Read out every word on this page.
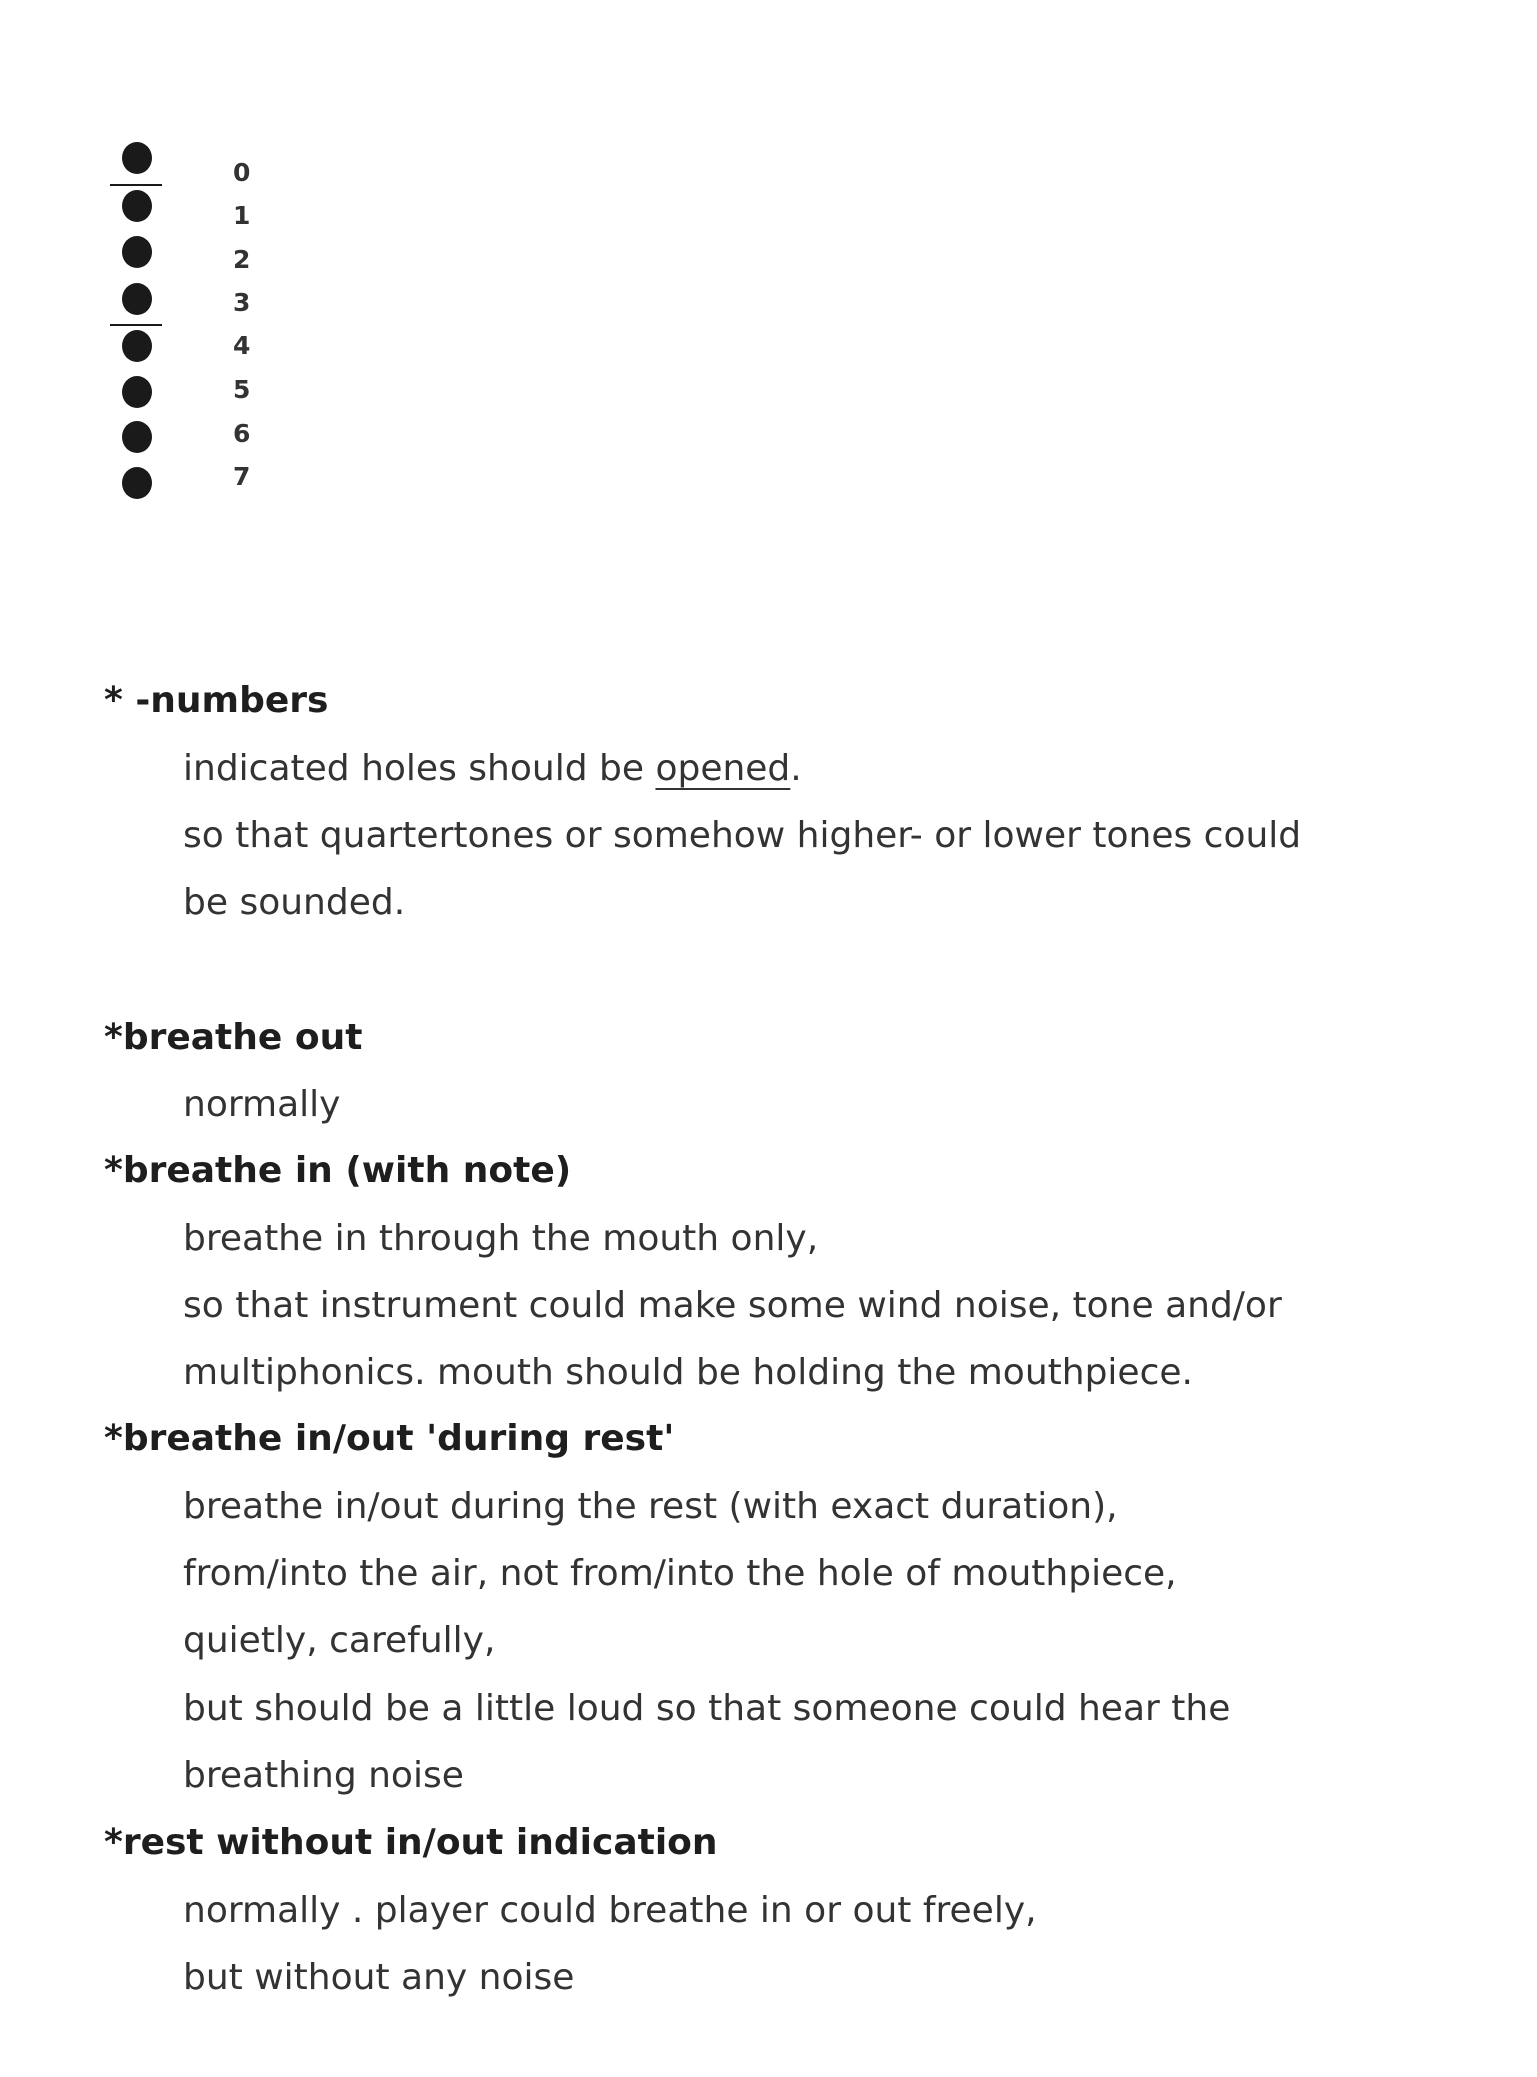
0
1
2
3
4
5
6
7
* -numbers
indicated holes should be opened.
so that quartertones or somehow higher- or lower tones could
be sounded.
*breathe out
normally
*breathe in (with note)
breathe in through the mouth only,
so that instrument could make some wind noise, tone and/or
multiphonics. mouth should be holding the mouthpiece.
*breathe in/out 'during rest'
breathe in/out during the rest (with exact duration),
from/into the air, not from/into the hole of mouthpiece,
quietly, carefully,
but should be a little loud so that someone could hear the
breathing noise
*rest without in/out indication
normally . player could breathe in or out freely,
but without any noise
